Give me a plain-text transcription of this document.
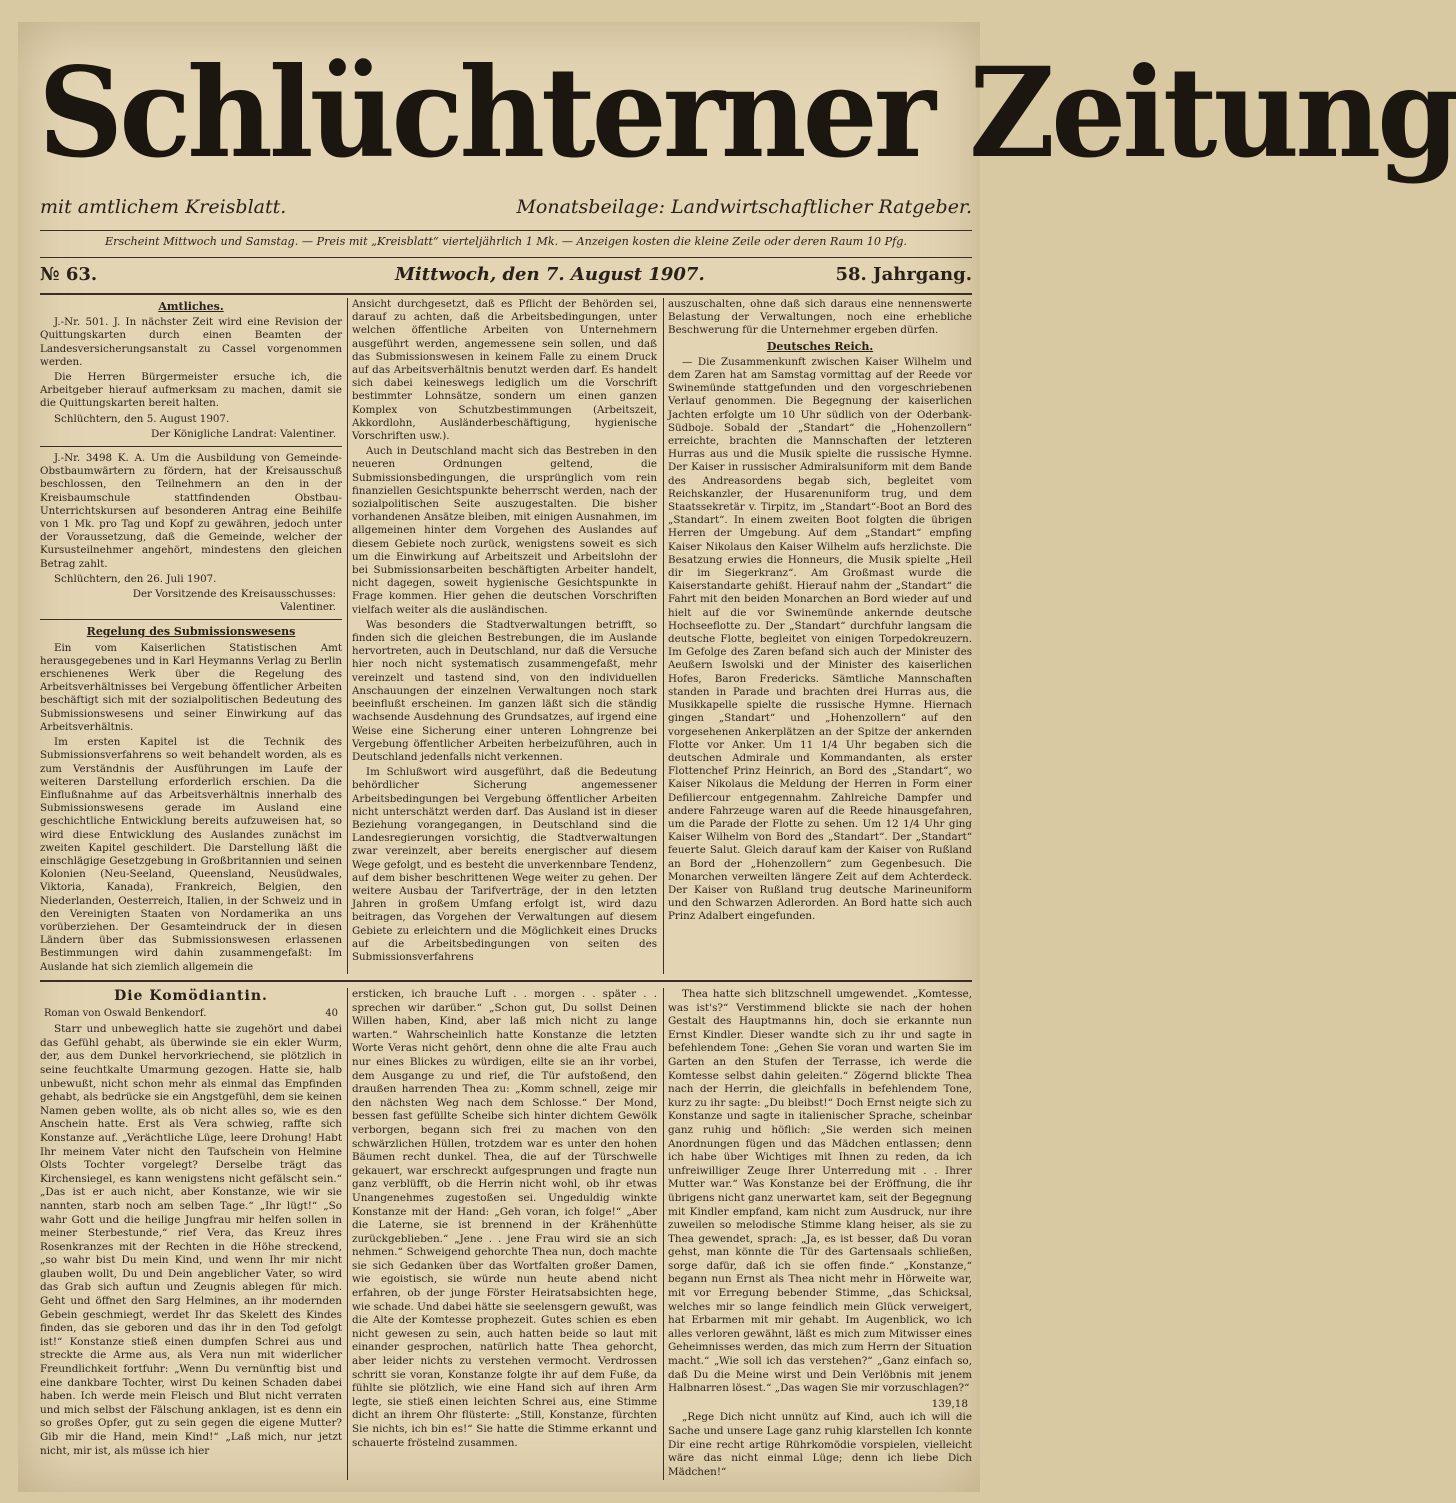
Schlüchterner Zeitung
mit amtlichem Kreisblatt.	Monatsbeilage: Landwirtschaftlicher Ratgeber.
Erscheint Mittwoch und Samstag. — Preis mit „Kreisblatt“ vierteljährlich 1 Mk. — Anzeigen kosten die kleine Zeile oder deren Raum 10 Pfg.
№ 63.	Mittwoch, den 7. August 1907.	58. Jahrgang.
Amtliches.

J.-Nr. 501. J. In nächster Zeit wird eine Revision der Quittungskarten durch einen Beamten der Landesversicherungsanstalt zu Cassel vorgenommen werden.

Die Herren Bürgermeister ersuche ich, die Arbeitgeber hierauf aufmerksam zu machen, damit sie die Quittungskarten bereit halten.

Schlüchtern, den 5. August 1907.

Der Königliche Landrat: Valentiner.

J.-Nr. 3498 K. A. Um die Ausbildung von Gemeinde-Obstbaumwärtern zu fördern, hat der Kreisausschuß beschlossen, den Teilnehmern an den in der Kreisbaumschule stattfindenden Obstbau-Unterrichtskursen auf besonderen Antrag eine Beihilfe von 1 Mk. pro Tag und Kopf zu gewähren, jedoch unter der Voraussetzung, daß die Gemeinde, welcher der Kursusteilnehmer angehört, mindestens den gleichen Betrag zahlt.

Schlüchtern, den 26. Juli 1907.

Der Vorsitzende des Kreisausschusses:
Valentiner.
Regelung des Submissionswesens

Ein vom Kaiserlichen Statistischen Amt herausgegebenes und in Karl Heymanns Verlag zu Berlin erschienenes Werk über die Regelung des Arbeitsverhältnisses bei Vergebung öffentlicher Arbeiten beschäftigt sich mit der sozialpolitischen Bedeutung des Submissionswesens und seiner Einwirkung auf das Arbeitsverhältnis.

Im ersten Kapitel ist die Technik des Submissionsverfahrens so weit behandelt worden, als es zum Verständnis der Ausführungen im Laufe der weiteren Darstellung erforderlich erschien. Da die Einflußnahme auf das Arbeitsverhältnis innerhalb des Submissionswesens gerade im Ausland eine geschichtliche Entwicklung bereits aufzuweisen hat, so wird diese Entwicklung des Auslandes zunächst im zweiten Kapitel geschildert. Die Darstellung läßt die einschlägige Gesetzgebung in Großbritannien und seinen Kolonien (Neu-Seeland, Queensland, Neusüdwales, Viktoria, Kanada), Frankreich, Belgien, den Niederlanden, Oesterreich, Italien, in der Schweiz und in den Vereinigten Staaten von Nordamerika an uns vorüberziehen. Der Gesamteindruck der in diesen Ländern über das Submissionswesen erlassenen Bestimmungen wird dahin zusammengefaßt: Im Auslande hat sich ziemlich allgemein die

Ansicht durchgesetzt, daß es Pflicht der Behörden sei, darauf zu achten, daß die Arbeitsbedingungen, unter welchen öffentliche Arbeiten von Unternehmern ausgeführt werden, angemessene sein sollen, und daß das Submissionswesen in keinem Falle zu einem Druck auf das Arbeitsverhältnis benutzt werden darf. Es handelt sich dabei keineswegs lediglich um die Vorschrift bestimmter Lohnsätze, sondern um einen ganzen Komplex von Schutzbestimmungen (Arbeitszeit, Akkordlohn, Ausländerbeschäftigung, hygienische Vorschriften usw.).

Auch in Deutschland macht sich das Bestreben in den neueren Ordnungen geltend, die Submissionsbedingungen, die ursprünglich vom rein finanziellen Gesichtspunkte beherrscht werden, nach der sozialpolitischen Seite auszugestalten. Die bisher vorhandenen Ansätze bleiben, mit einigen Ausnahmen, im allgemeinen hinter dem Vorgehen des Auslandes auf diesem Gebiete noch zurück, wenigstens soweit es sich um die Einwirkung auf Arbeitszeit und Arbeitslohn der bei Submissionsarbeiten beschäftigten Arbeiter handelt, nicht dagegen, soweit hygienische Gesichtspunkte in Frage kommen. Hier gehen die deutschen Vorschriften vielfach weiter als die ausländischen.

Was besonders die Stadtverwaltungen betrifft, so finden sich die gleichen Bestrebungen, die im Auslande hervortreten, auch in Deutschland, nur daß die Versuche hier noch nicht systematisch zusammengefaßt, mehr vereinzelt und tastend sind, von den individuellen Anschauungen der einzelnen Verwaltungen noch stark beeinflußt erscheinen. Im ganzen läßt sich die ständig wachsende Ausdehnung des Grundsatzes, auf irgend eine Weise eine Sicherung einer unteren Lohngrenze bei Vergebung öffentlicher Arbeiten herbeizuführen, auch in Deutschland jedenfalls nicht verkennen.

Im Schlußwort wird ausgeführt, daß die Bedeutung behördlicher Sicherung angemessener Arbeitsbedingungen bei Vergebung öffentlicher Arbeiten nicht unterschätzt werden darf. Das Ausland ist in dieser Beziehung vorangegangen, in Deutschland sind die Landesregierungen vorsichtig, die Stadtverwaltungen zwar vereinzelt, aber bereits energischer auf diesem Wege gefolgt, und es besteht die unverkennbare Tendenz, auf dem bisher beschrittenen Wege weiter zu gehen. Der weitere Ausbau der Tarifverträge, der in den letzten Jahren in großem Umfang erfolgt ist, wird dazu beitragen, das Vorgehen der Verwaltungen auf diesem Gebiete zu erleichtern und die Möglichkeit eines Drucks auf die Arbeitsbedingungen von seiten des Submissionsverfahrens

auszuschalten, ohne daß sich daraus eine nennenswerte Belastung der Verwaltungen, noch eine erhebliche Beschwerung für die Unternehmer ergeben dürfen.

Deutsches Reich.

— Die Zusammenkunft zwischen Kaiser Wilhelm und dem Zaren hat am Samstag vormittag auf der Reede vor Swinemünde stattgefunden und den vorgeschriebenen Verlauf genommen. Die Begegnung der kaiserlichen Jachten erfolgte um 10 Uhr südlich von der Oderbank-Südboje. Sobald der „Standart“ die „Hohenzollern“ erreichte, brachten die Mannschaften der letzteren Hurras aus und die Musik spielte die russische Hymne. Der Kaiser in russischer Admiralsuniform mit dem Bande des Andreasordens begab sich, begleitet vom Reichskanzler, der Husarenuniform trug, und dem Staatssekretär v. Tirpitz, im „Standart“-Boot an Bord des „Standart“. In einem zweiten Boot folgten die übrigen Herren der Umgebung. Auf dem „Standart“ empfing Kaiser Nikolaus den Kaiser Wilhelm aufs herzlichste. Die Besatzung erwies die Honneurs, die Musik spielte „Heil dir im Siegerkranz“. Am Großmast wurde die Kaiserstandarte gehißt. Hierauf nahm der „Standart“ die Fahrt mit den beiden Monarchen an Bord wieder auf und hielt auf die vor Swinemünde ankernde deutsche Hochseeflotte zu. Der „Standart“ durchfuhr langsam die deutsche Flotte, begleitet von einigen Torpedokreuzern. Im Gefolge des Zaren befand sich auch der Minister des Aeußern Iswolski und der Minister des kaiserlichen Hofes, Baron Fredericks. Sämtliche Mannschaften standen in Parade und brachten drei Hurras aus, die Musikkapelle spielte die russische Hymne. Hiernach gingen „Standart“ und „Hohenzollern“ auf den vorgesehenen Ankerplätzen an der Spitze der ankernden Flotte vor Anker. Um 11 1/4 Uhr begaben sich die deutschen Admirale und Kommandanten, als erster Flottenchef Prinz Heinrich, an Bord des „Standart“, wo Kaiser Nikolaus die Meldung der Herren in Form einer Defiliercour entgegennahm. Zahlreiche Dampfer und andere Fahrzeuge waren auf die Reede hinausgefahren, um die Parade der Flotte zu sehen. Um 12 1/4 Uhr ging Kaiser Wilhelm von Bord des „Standart“. Der „Standart“ feuerte Salut. Gleich darauf kam der Kaiser von Rußland an Bord der „Hohenzollern“ zum Gegenbesuch. Die Monarchen verweilten längere Zeit auf dem Achterdeck. Der Kaiser von Rußland trug deutsche Marineuniform und den Schwarzen Adlerorden. An Bord hatte sich auch Prinz Adalbert eingefunden.

Die Komödiantin.
Roman von Oswald Benkendorf.	40

Starr und unbeweglich hatte sie zugehört und dabei das Gefühl gehabt, als überwinde sie ein ekler Wurm, der, aus dem Dunkel hervorkriechend, sie plötzlich in seine feuchtkalte Umarmung gezogen. Hatte sie, halb unbewußt, nicht schon mehr als einmal das Empfinden gehabt, als bedrücke sie ein Angstgefühl, dem sie keinen Namen geben wollte, als ob nicht alles so, wie es den Anschein hatte. Erst als Vera schwieg, raffte sich Konstanze auf. „Verächtliche Lüge, leere Drohung! Habt Ihr meinem Vater nicht den Taufschein von Helmine Olsts Tochter vorgelegt? Derselbe trägt das Kirchensiegel, es kann wenigstens nicht gefälscht sein.“ „Das ist er auch nicht, aber Konstanze, wie wir sie nannten, starb noch am selben Tage.“ „Ihr lügt!“ „So wahr Gott und die heilige Jungfrau mir helfen sollen in meiner Sterbestunde,“ rief Vera, das Kreuz ihres Rosenkranzes mit der Rechten in die Höhe streckend, „so wahr bist Du mein Kind, und wenn Ihr mir nicht glauben wollt, Du und Dein angeblicher Vater, so wird das Grab sich auftun und Zeugnis ablegen für mich. Geht und öffnet den Sarg Helmines, an ihr modernden Gebein geschmiegt, werdet Ihr das Skelett des Kindes finden, das sie geboren und das ihr in den Tod gefolgt ist!“ Konstanze stieß einen dumpfen Schrei aus und streckte die Arme aus, als Vera nun mit widerlicher Freundlichkeit fortfuhr: „Wenn Du vernünftig bist und eine dankbare Tochter, wirst Du keinen Schaden dabei haben. Ich werde mein Fleisch und Blut nicht verraten und mich selbst der Fälschung anklagen, ist es denn ein so großes Opfer, gut zu sein gegen die eigene Mutter? Gib mir die Hand, mein Kind!“ „Laß mich, nur jetzt nicht, mir ist, als müsse ich hier

ersticken, ich brauche Luft . . morgen . . später . . sprechen wir darüber.“ „Schon gut, Du sollst Deinen Willen haben, Kind, aber laß mich nicht zu lange warten.“ Wahrscheinlich hatte Konstanze die letzten Worte Veras nicht gehört, denn ohne die alte Frau auch nur eines Blickes zu würdigen, eilte sie an ihr vorbei, dem Ausgange zu und rief, die Tür aufstoßend, den draußen harrenden Thea zu: „Komm schnell, zeige mir den nächsten Weg nach dem Schlosse.“ Der Mond, bessen fast gefüllte Scheibe sich hinter dichtem Gewölk verborgen, begann sich frei zu machen von den schwärzlichen Hüllen, trotzdem war es unter den hohen Bäumen recht dunkel. Thea, die auf der Türschwelle gekauert, war erschreckt aufgesprungen und fragte nun ganz verblüfft, ob die Herrin nicht wohl, ob ihr etwas Unangenehmes zugestoßen sei. Ungeduldig winkte Konstanze mit der Hand: „Geh voran, ich folge!“ „Aber die Laterne, sie ist brennend in der Krähenhütte zurückgeblieben.“ „Jene . . jene Frau wird sie an sich nehmen.“ Schweigend gehorchte Thea nun, doch machte sie sich Gedanken über das Wortfalten großer Damen, wie egoistisch, sie würde nun heute abend nicht erfahren, ob der junge Förster Heiratsabsichten hege, wie schade. Und dabei hätte sie seelensgern gewußt, was die Alte der Komtesse prophezeit. Gutes schien es eben nicht gewesen zu sein, auch hatten beide so laut mit einander gesprochen, natürlich hatte Thea gehorcht, aber leider nichts zu verstehen vermocht. Verdrossen schritt sie voran, Konstanze folgte ihr auf dem Fuße, da fühlte sie plötzlich, wie eine Hand sich auf ihren Arm legte, sie stieß einen leichten Schrei aus, eine Stimme dicht an ihrem Ohr flüsterte: „Still, Konstanze, fürchten Sie nichts, ich bin es!“ Sie hatte die Stimme erkannt und schauerte fröstelnd zusammen.

Thea hatte sich blitzschnell umgewendet. „Komtesse, was ist's?“ Verstimmend blickte sie nach der hohen Gestalt des Hauptmanns hin, doch sie erkannte nun Ernst Kindler. Dieser wandte sich zu ihr und sagte in befehlendem Tone: „Gehen Sie voran und warten Sie im Garten an den Stufen der Terrasse, ich werde die Komtesse selbst dahin geleiten.“ Zögernd blickte Thea nach der Herrin, die gleichfalls in befehlendem Tone, kurz zu ihr sagte: „Du bleibst!“ Doch Ernst neigte sich zu Konstanze und sagte in italienischer Sprache, scheinbar ganz ruhig und höflich: „Sie werden sich meinen Anordnungen fügen und das Mädchen entlassen; denn ich habe über Wichtiges mit Ihnen zu reden, da ich unfreiwilliger Zeuge Ihrer Unterredung mit . . Ihrer Mutter war.“ Was Konstanze bei der Eröffnung, die ihr übrigens nicht ganz unerwartet kam, seit der Begegnung mit Kindler empfand, kam nicht zum Ausdruck, nur ihre zuweilen so melodische Stimme klang heiser, als sie zu Thea gewendet, sprach: „Ja, es ist besser, daß Du voran gehst, man könnte die Tür des Gartensaals schließen, sorge dafür, daß ich sie offen finde.“ „Konstanze,“ begann nun Ernst als Thea nicht mehr in Hörweite war, mit vor Erregung bebender Stimme, „das Schicksal, welches mir so lange feindlich mein Glück verweigert, hat Erbarmen mit mir gehabt. Im Augenblick, wo ich alles verloren gewähnt, läßt es mich zum Mitwisser eines Geheimnisses werden, das mich zum Herrn der Situation macht.“ „Wie soll ich das verstehen?“ „Ganz einfach so, daß Du die Meine wirst und Dein Verlöbnis mit jenem Halbnarren lösest.“ „Das wagen Sie mir vorzuschlagen?“

139,18

„Rege Dich nicht unnütz auf Kind, auch ich will die Sache und unsere Lage ganz ruhig klarstellen Ich konnte Dir eine recht artige Rührkomödie vorspielen, vielleicht wäre das nicht einmal Lüge; denn ich liebe Dich Mädchen!“
